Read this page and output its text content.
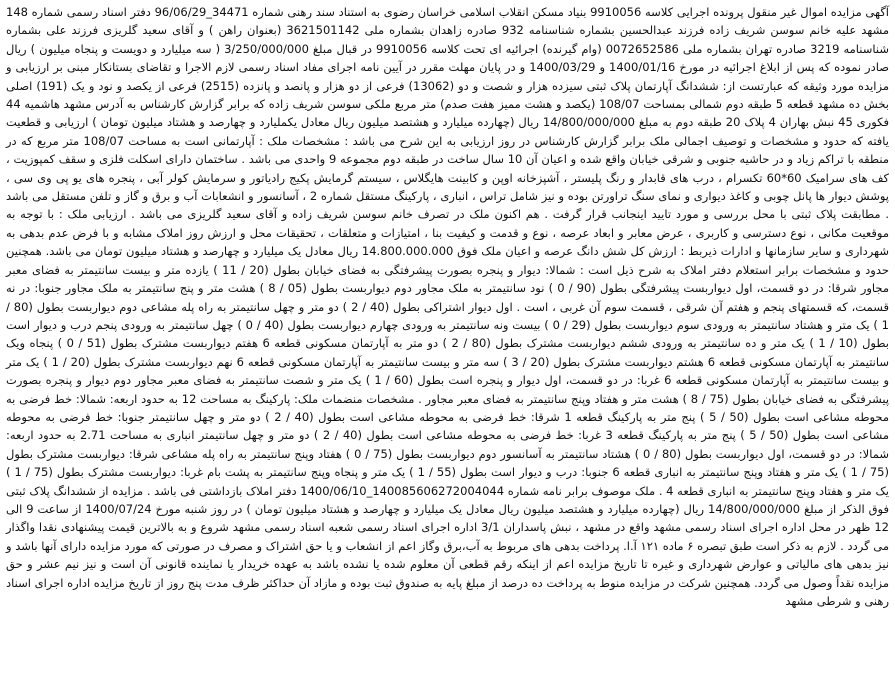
آگهی مزایده اموال غیر منقول پرونده اجرایی کلاسه 9910056 بنیاد مسکن انقلاب اسلامی خراسان رضوی به استناد سند رهنی شماره 34471_96/06/29 دفتر اسناد رسمی شماره 148 مشهد علیه خانم سوسن شریف زاده فرزند عبدالحسین بشماره شناسنامه 932 صادره زاهدان بشماره ملی 3621501142 (بعنوان راهن ) و آقای سعید گلریزی فرزند علی بشماره شناسنامه 3219 صادره تهران بشماره ملی 0072652586 (وام گیرنده) اجرائیه ای تحت کلاسه 9910056 در قبال مبلغ 3/250/000/000 ( سه میلیارد و دویست و پنجاه میلیون ) ریال صادر نموده که پس از ابلاغ اجرائیه در مورخ 1400/01/16 و 1400/03/29 و در پایان مهلت مقرر در آیین نامه اجرای مفاد اسناد رسمی لازم الاجرا و تقاضای بستانکار مبنی بر ارزیابی و مزایده مورد وثیقه که عبارتست از: ششدانگ آپارتمان پلاک ثبتی سیزده هزار و شصت و دو (13062) فرعی از دو هزار و پانصد و پانزده (2515) فرعی از یکصد و نود و یک (191) اصلی بخش ده مشهد قطعه 5 طبقه دوم شمالی بمساحت 108/07 (یکصد و هشت ممیز هفت صدم) متر مربع ملکی سوسن شریف زاده که برابر گزارش کارشناس به آدرس مشهد هاشمیه 44 فکوری 45 نبش بهاران 4 پلاک 20 طبقه دوم به مبلغ 14/800/000/000 ریال (چهارده میلیارد و هشتصد میلیون ریال معادل یکملیارد و چهارصد و هشتاد میلیون تومان ) ارزیابی و قطعیت یافته که حدود و مشخصات و توصیف اجمالی ملک برابر گزارش کارشناس در روز ارزیابی به این شرح می باشد : مشخصات ملک : آپارتمانی است به مساحت 108/07 متر مربع که در منطقه با تراکم زیاد و در حاشیه جنوبی و شرقی خیابان واقع شده و اعیان آن 10 سال ساخت در طبقه دوم مجموعه 9 واحدی می باشد . ساختمان دارای اسکلت فلزی و سقف کمپوزیت ، کف های سرامیک 60*60 تکسرام ، درب های قابدار و رنگ پلیستر ، آشپزخانه اوپن و کابینت هایگلاس ، سیستم گرمایش پکیج رادیاتور و سرمایش کولر آبی ، پنجره های یو پی وی سی ، پوشش دیوار ها پانل چوبی و کاغذ دیواری و نمای سنگ تراورتن بوده و نیز شامل تراس ، انباری ، پارکینگ مستقل شماره 2 ، آسانسور و انشعابات آب و برق و گاز و تلفن مستقل می باشد . مطابقت پلاک ثبتی با محل بررسی و مورد تایید اینجانب قرار گرفت . هم اکنون ملک در تصرف خانم سوسن شریف زاده و آقای سعید گلریزی می باشد . ارزیابی ملک : با توجه به موقعیت مکانی ، نوع دسترسی و کاربری ، عرض معابر و ابعاد عرصه ، نوع و قدمت و کیفیت بنا ، امتیازات و متعلقات ، تحقیقات محل و ارزش روز املاک مشابه و با فرض عدم بدهی به شهرداری و سایر سازمانها و ادارات ذیربط : ارزش کل شش دانگ عرصه و اعیان ملک فوق 14.800.000.000 ریال معادل یک میلیارد و چهارصد و هشتاد میلیون تومان می باشد. همچنین حدود و مشخصات برابر استعلام دفتر املاک به شرح ذیل است : شمالا: دیوار و پنجره بصورت پیشرفتگی به فضای خیابان بطول (20 / 11 ) یازده متر و بیست سانتیمتر به فضای معبر مجاور شرقا: در دو قسمت، اول دیواربست پیشرفتگی بطول (90 / 0 ) نود سانتیمتر به ملک مجاور دوم دیواربست بطول (05 / 8 ) هشت متر و پنج سانتیمتر به ملک مجاور جنوبا: در نه قسمت، که قسمتهای پنجم و هفتم آن شرقی ، قسمت سوم آن غربی ، است . اول دیوار اشتراکی بطول (40 / 2 ) دو متر و چهل سانتیمتر به راه پله مشاعی دوم دیواربست بطول (80 / 1 ) یک متر و هشتاد سانتیمتر به ورودی سوم دیواربست بطول (29 / 0 ) بیست ونه سانتیمتر به ورودی چهارم دیواربست بطول (40 / 0 ) چهل سانتیمتر به ورودی پنجم درب و دیوار است بطول (10 / 1 ) یک متر و ده سانتیمتر به ورودی ششم دیواربست مشترک بطول (80 / 2 ) دو متر به آپارتمان مسکونی قطعه 6 هفتم دیواربست مشترک بطول (51 / 0 ) پنجاه ویک سانتیمتر به آپارتمان مسکونی قطعه 6 هشتم دیواربست مشترک بطول (20 / 3 ) سه متر و بیست سانتیمتر به آپارتمان مسکونی قطعه 6 نهم دیواربست مشترک بطول (20 / 1 ) یک متر و بیست سانتیمتر به آپارتمان مسکونی قطعه 6 غربا: در دو قسمت، اول دیوار و پنجره است بطول (60 / 1 ) یک متر و شصت سانتیمتر به فضای معبر مجاور دوم دیوار و پنجره بصورت پیشرفتگی به فضای خیابان بطول (75 / 8 ) هشت متر و هفتاد وپنج سانتیمتر به فضای معبر مجاور . مشخصات منضمات ملک: پارکینگ به مساحت 12 به حدود اربعه: شمالا: خط فرضی به محوطه مشاعی است بطول (50 / 5 ) پنج متر به پارکینگ قطعه 1 شرقا: خط فرضی به محوطه مشاعی است بطول (40 / 2 ) دو متر و چهل سانتیمتر جنوبا: خط فرضی به محوطه مشاعی است بطول (50 / 5 ) پنج متر به پارکینگ قطعه 3 غربا: خط فرضی به محوطه مشاعی است بطول (40 / 2 ) دو متر و چهل سانتیمتر انباری به مساحت 2.71 به حدود اربعه: شمالا: در دو قسمت، اول دیواربست بطول (80 / 0 ) هشتاد سانتیمتر به آسانسور دوم دیواربست بطول (75 / 0 ) هفتاد وپنج سانتیمتر به راه پله مشاعی شرقا: دیواربست مشترک بطول (75 / 1 ) یک متر و هفتاد وپنج سانتیمتر به انباری قطعه 6 جنوبا: درب و دیوار است بطول (55 / 1 ) یک متر و پنجاه وپنج سانتیمتر به پشت بام غربا: دیواربست مشترک بطول (75 / 1 ) یک متر و هفتاد وپنج سانتیمتر به انباری قطعه 4 . ملک موصوف برابر نامه شماره 140085606272004044_1400/06/10 دفتر املاک بازداشتی فی باشد . مزایده از ششدانگ پلاک ثبتی فوق الذکر از مبلغ 14/800/000/000 ریال (چهارده میلیارد و هشتصد میلیون ریال معادل یک میلیارد و چهارصد و هشتاد میلیون تومان ) در روز شنبه مورخ 1400/07/24 از ساعت 9 الی 12 ظهر در محل اداره اجرای اسناد رسمی مشهد واقع در مشهد ، نبش پاسداران 3/1 اداره اجرای اسناد رسمی شعبه اسناد رسمی مشهد شروع و به بالاترین قیمت پیشنهادی نقدا واگذار می گردد . لازم به ذکر است طبق تبصره ۶ ماده ۱۲۱ آ.ا. پرداخت بدهی های مربوط به آب،برق وگاز اعم از انشعاب و یا حق اشتراک و مصرف در صورتی که مورد مزایده دارای آنها باشد و نیز بدهی های مالیاتی و عوارض شهرداری و غیره تا تاریخ مزایده اعم از اینکه رقم قطعی آن معلوم شده یا نشده باشد به عهده خریدار یا نماینده قانونی آن است و نیز نیم عشر و حق مزایده نقداً وصول می گردد. همچنین شرکت در مزایده منوط به پرداخت ده درصد از مبلغ پایه به صندوق ثبت بوده و مازاد آن حداکثر ظرف مدت پنج روز از تاریخ مزایده اداره اجرای اسناد رهنی و شرطی مشهد
